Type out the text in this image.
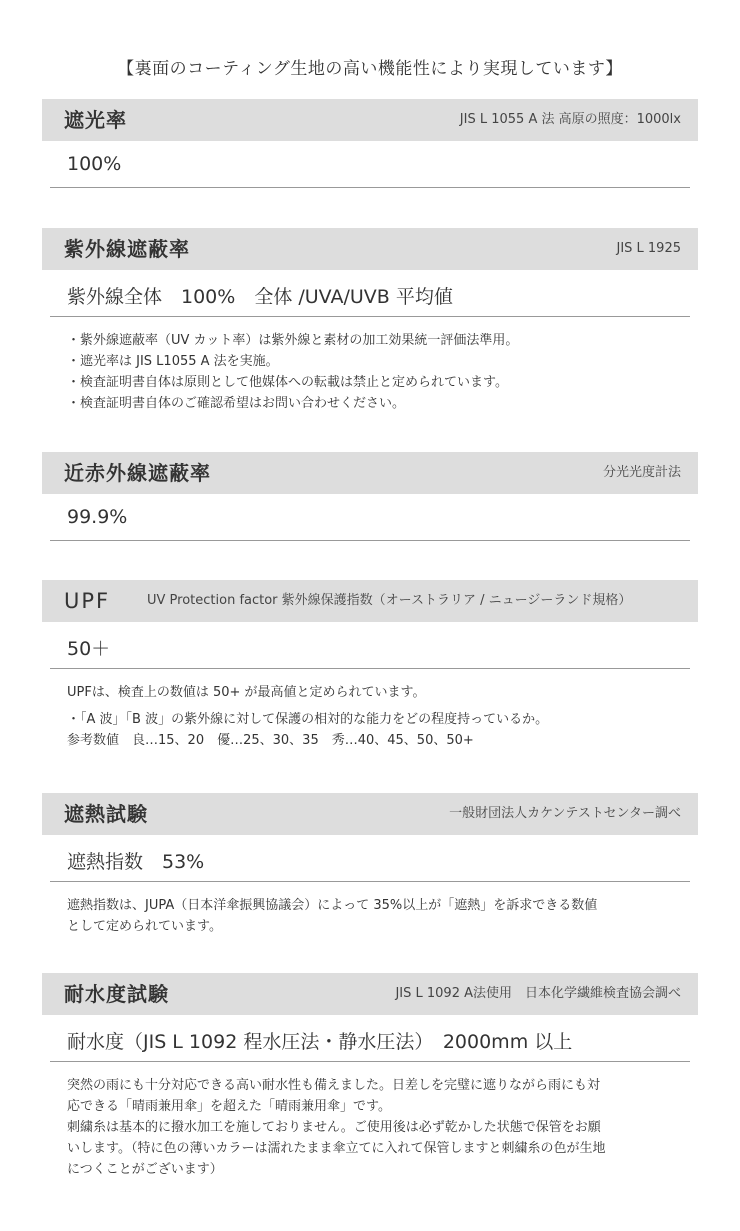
【裏面のコーティング生地の高い機能性により実現しています】
遮光率	JIS L 1055 A 法 高原の照度：1000lx
100%
紫外線遮蔽率	JIS L 1925
紫外線全体　100%　全体 /UVA/UVB 平均値

・紫外線遮蔽率（UV カット率）は紫外線と素材の加工効果統一評価法準用。

・遮光率は JIS L1055 A 法を実施。

・検査証明書自体は原則として他媒体への転載は禁止と定められています。

・検査証明書自体のご確認希望はお問い合わせください。

近赤外線遮蔽率	分光光度計法
99.9%
UPF	UV Protection factor 紫外線保護指数（オーストラリア / ニュージーランド規格）
50＋

UPFは、検査上の数値は 50+ が最高値と定められています。

・「A 波」「B 波」の紫外線に対して保護の相対的な能力をどの程度持っているか。

参考数値　良…15、20　優…25、30、35　秀…40、45、50、50+

遮熱試験	一般財団法人カケンテストセンター調べ
遮熱指数　53%

遮熱指数は、JUPA（日本洋傘振興協議会）によって 35%以上が「遮熱」を訴求できる数値

として定められています。

耐水度試験	JIS L 1092 A法使用　日本化学繊維検査協会調べ
耐水度（JIS L 1092 程水圧法・静水圧法）　2000mm 以上

突然の雨にも十分対応できる高い耐水性も備えました。日差しを完璧に遮りながら雨にも対

応できる「晴雨兼用傘」を超えた「晴雨兼用傘」です。

刺繍糸は基本的に撥水加工を施しておりません。ご使用後は必ず乾かした状態で保管をお願

いします。（特に色の薄いカラーは濡れたまま傘立てに入れて保管しますと刺繍糸の色が生地

につくことがございます）
